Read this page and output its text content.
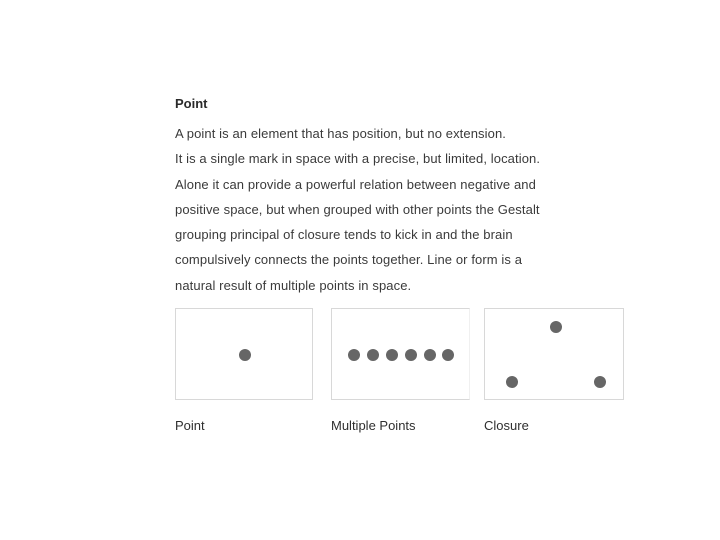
Point
A point is an element that has position, but no extension.
It is a single mark in space with a precise, but limited, location.
Alone it can provide a powerful relation between negative and
positive space, but when grouped with other points the Gestalt
grouping principal of closure tends to kick in and the brain
compulsively connects the points together. Line or form is a
natural result of multiple points in space.
Point	Multiple Points	Closure
